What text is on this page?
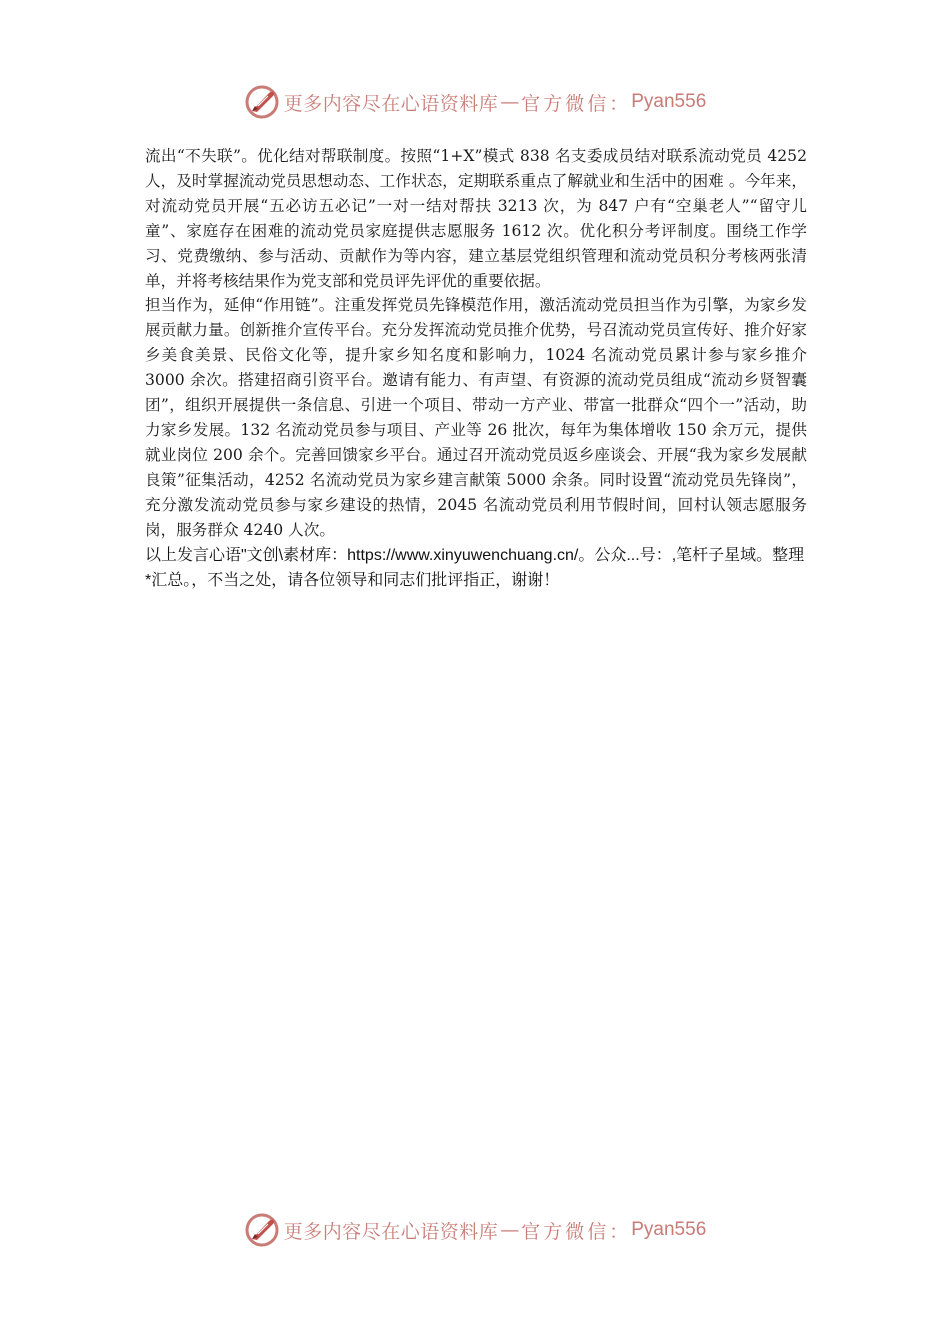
更多内容尽在心语资料库 — 官方微信： Pyan556

流出“不失联”。优化结对帮联制度。按照“1+X”模式 838 名支委成员结对联系流动党员 4252 人，及时掌握流动党员思想动态、工作状态，定期联系重点了解就业和生活中的困难 。今年来，对流动党员开展“五必访五必记”一对一结对帮扶 3213 次，为 847 户有“空巢老人”“留守儿童”、家庭存在困难的流动党员家庭提供志愿服务 1612 次。优化积分考评制度。围绕工作学习、党费缴纳、参与活动、贡献作为等内容，建立基层党组织管理和流动党员积分考核两张清单，并将考核结果作为党支部和党员评先评优的重要依据。

担当作为，延伸“作用链”。注重发挥党员先锋模范作用，激活流动党员担当作为引擎，为家乡发展贡献力量。创新推介宣传平台。充分发挥流动党员推介优势，号召流动党员宣传好、推介好家乡美食美景、民俗文化等，提升家乡知名度和影响力，1024 名流动党员累计参与家乡推介 3000 余次。搭建招商引资平台。邀请有能力、有声望、有资源的流动党员组成“流动乡贤智囊团”，组织开展提供一条信息、引进一个项目、带动一方产业、带富一批群众“四个一”活动，助力家乡发展。132 名流动党员参与项目、产业等 26 批次，每年为集体增收 150 余万元，提供就业岗位 200 余个。完善回馈家乡平台。通过召开流动党员返乡座谈会、开展“我为家乡发展献良策”征集活动，4252 名流动党员为家乡建言献策 5000 余条。同时设置“流动党员先锋岗”，充分激发流动党员参与家乡建设的热情，2045 名流动党员利用节假时间，回村认领志愿服务岗，服务群众 4240 人次。

以上发言心语"文创\素材库：https://www.xinyuwenchuang.cn/。公众...号：,笔杆子星域。整理*汇总。，不当之处，请各位领导和同志们批评指正，谢谢！

更多内容尽在心语资料库 — 官方微信： Pyan556
